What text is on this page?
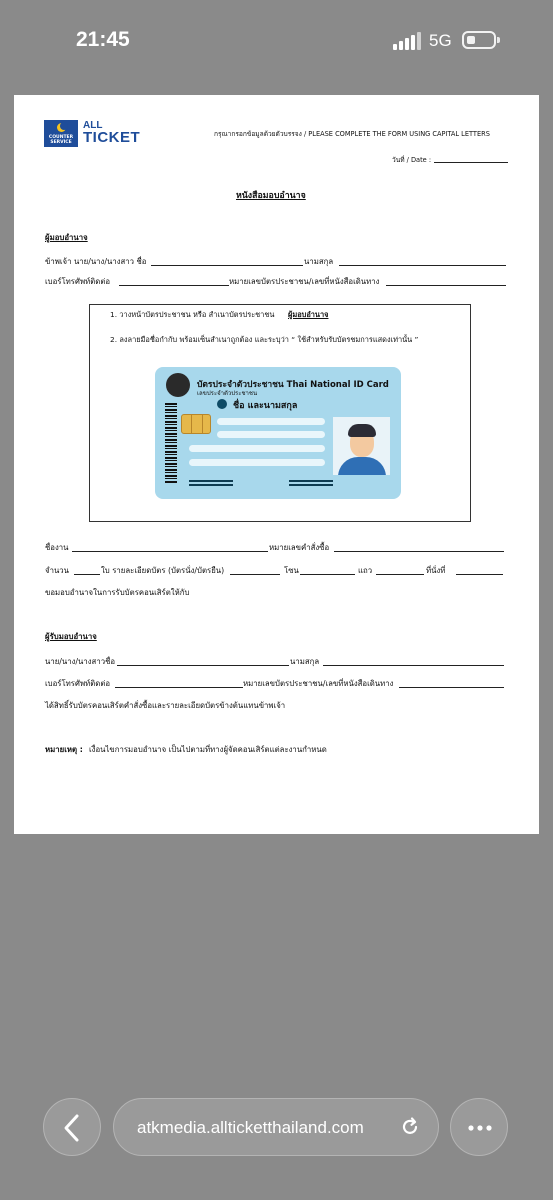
21:45	5G
COUNTER SERVICE
ALL
TICKET	กรุณากรอกข้อมูลด้วยตัวบรรจง / PLEASE COMPLETE THE FORM USING CAPITAL LETTERS
วันที่ / Date :
หนังสือมอบอำนาจ
ผู้มอบอำนาจ
ข้าพเจ้า นาย/นาง/นางสาว ชื่อ	นามสกุล
เบอร์โทรศัพท์ติดต่อ	หมายเลขบัตรประชาชน/เลขที่หนังสือเดินทาง
1. วางหน้าบัตรประชาชน หรือ สำเนาบัตรประชาชน ผู้มอบอำนาจ
2. ลงลายมือชื่อกำกับ พร้อมเซ็นสำเนาถูกต้อง และระบุว่า “ ใช้สำหรับรับบัตรชมการแสดงเท่านั้น ”
บัตรประจำตัวประชาชน Thai National ID Card
เลขประจำตัวประชาชน
ชื่อ และนามสกุล
ชื่องาน	หมายเลขคำสั่งซื้อ
จำนวน	ใบ รายละเอียดบัตร (บัตรนั่ง/บัตรยืน)	โซน	แถว	ที่นั่งที่
ขอมอบอำนาจในการรับบัตรคอนเสิร์ตให้กับ
ผู้รับมอบอำนาจ
นาย/นาง/นางสาวชื่อ	นามสกุล
เบอร์โทรศัพท์ติดต่อ	หมายเลขบัตรประชาชน/เลขที่หนังสือเดินทาง
ได้สิทธิ์รับบัตรคอนเสิร์ตคำสั่งซื้อและรายละเอียดบัตรข้างต้นแทนข้าพเจ้า
หมายเหตุ : เงื่อนไขการมอบอำนาจ เป็นไปตามที่ทางผู้จัดคอนเสิร์ตแต่ละงานกำหนด
atkmedia.allticketthailand.com
